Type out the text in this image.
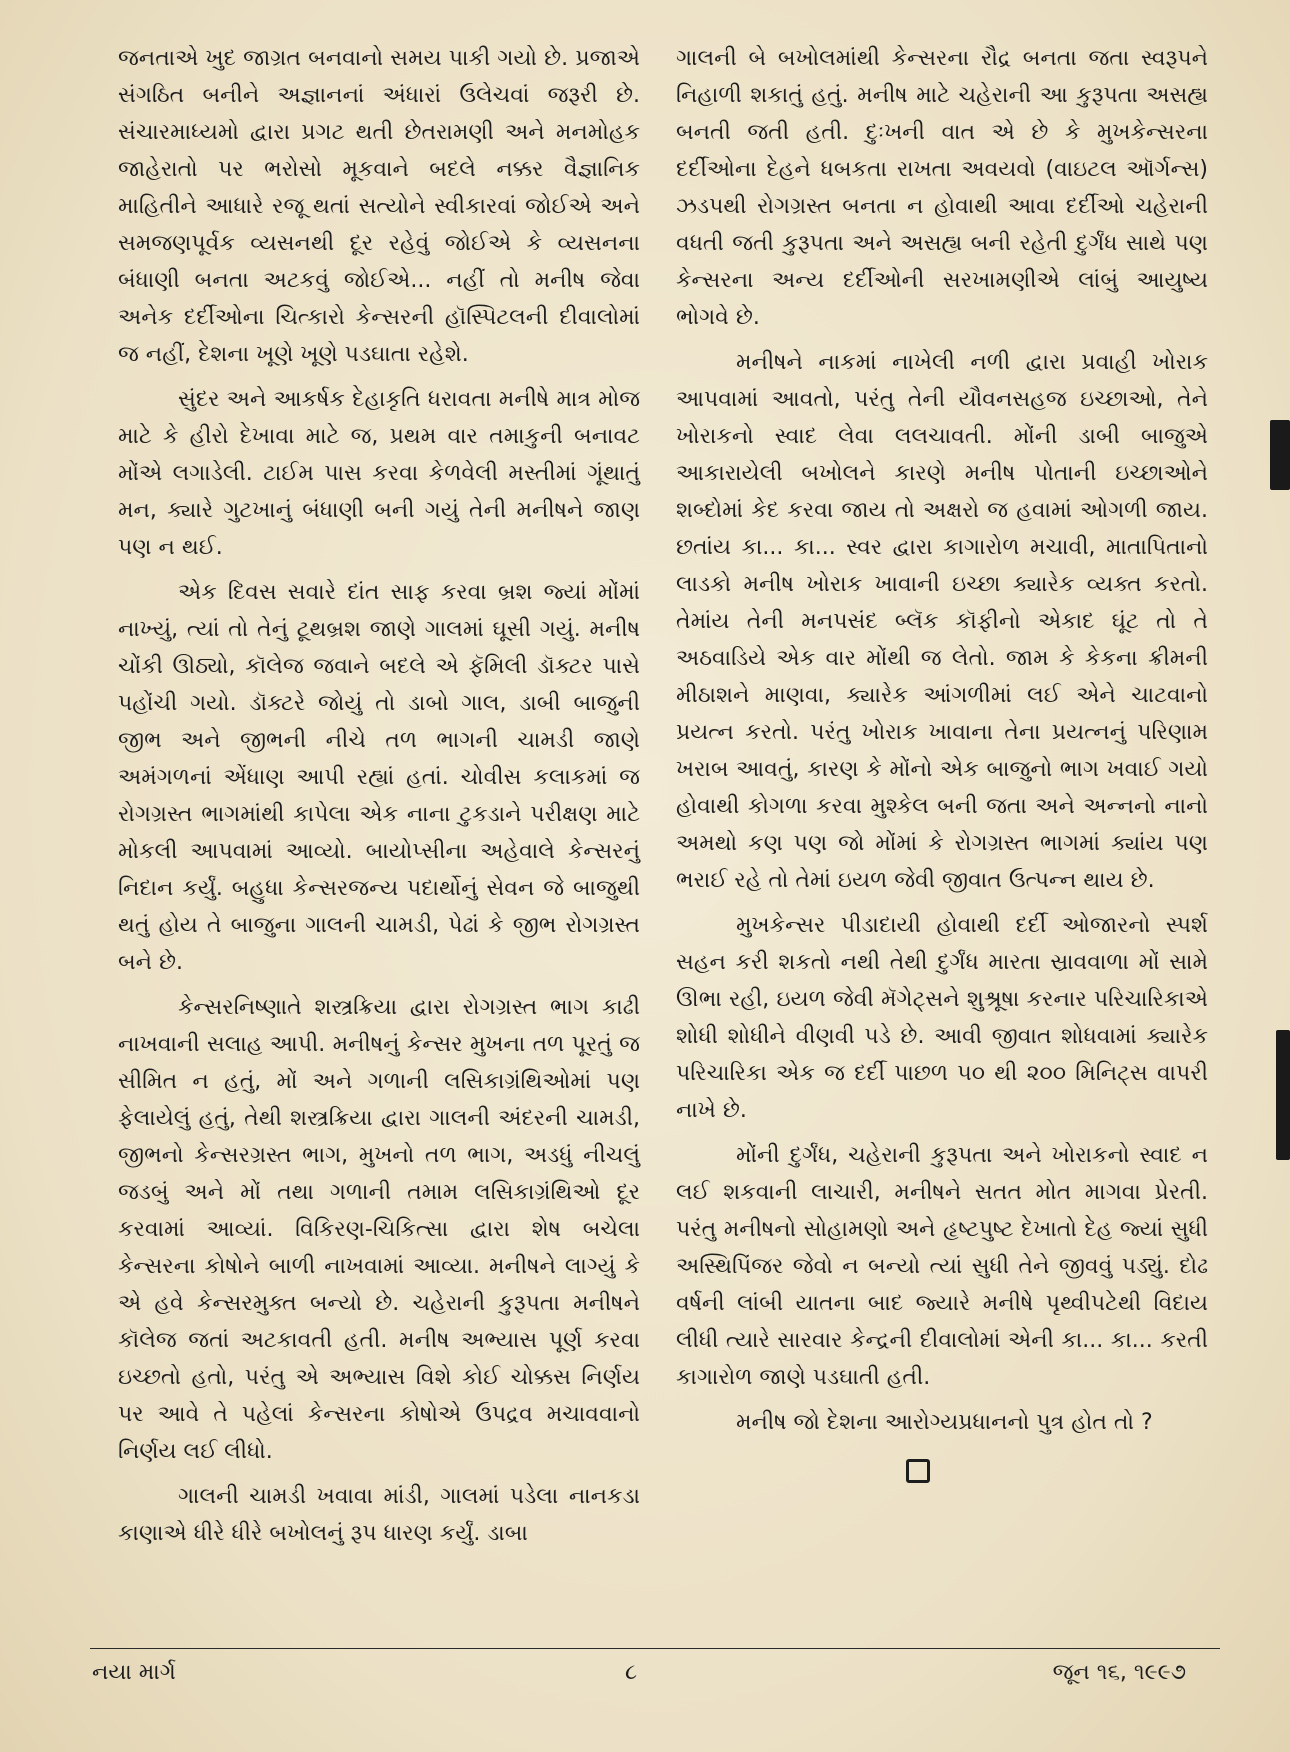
જનતાએ ખુદ જાગ્રત બનવાનો સમય પાકી ગયો છે. પ્રજાએ સંગઠિત બનીને અજ્ઞાનનાં અંધારાં ઉલેચવાં જરૂરી છે. સંચારમાધ્યમો દ્વારા પ્રગટ થતી છેતરામણી અને મનમોહક જાહેરાતો પર ભરોસો મૂકવાને બદલે નક્કર વૈજ્ઞાનિક માહિતીને આધારે રજૂ થતાં સત્યોને સ્વીકારવાં જોઈએ અને સમજણપૂર્વક વ્યસનથી દૂર રહેવું જોઈએ કે વ્યસનના બંધાણી બનતા અટકવું જોઈએ... નહીં તો મનીષ જેવા અનેક દર્દીઓના ચિત્કારો કેન્સરની હૉસ્પિટલની દીવાલોમાં જ નહીં, દેશના ખૂણે ખૂણે પડઘાતા રહેશે.

સુંદર અને આકર્ષક દેહાકૃતિ ધરાવતા મનીષે માત્ર મોજ માટે કે હીરો દેખાવા માટે જ, પ્રથમ વાર તમાકુની બનાવટ મોંએ લગાડેલી. ટાઈમ પાસ કરવા કેળવેલી મસ્તીમાં ગૂંથાતું મન, ક્યારે ગુટખાનું બંધાણી બની ગયું તેની મનીષને જાણ પણ ન થઈ.

એક દિવસ સવારે દાંત સાફ કરવા બ્રશ જ્યાં મોંમાં નાખ્યું, ત્યાં તો તેનું ટૂથબ્રશ જાણે ગાલમાં ઘૂસી ગયું. મનીષ ચોંકી ઊઠ્યો, કૉલેજ જવાને બદલે એ ફૅમિલી ડૉક્ટર પાસે પહોંચી ગયો. ડૉક્ટરે જોયું તો ડાબો ગાલ, ડાબી બાજુની જીભ અને જીભની નીચે તળ ભાગની ચામડી જાણે અમંગળનાં એંધાણ આપી રહ્યાં હતાં. ચોવીસ કલાકમાં જ રોગગ્રસ્ત ભાગમાંથી કાપેલા એક નાના ટુકડાને પરીક્ષણ માટે મોકલી આપવામાં આવ્યો. બાયોપ્સીના અહેવાલે કેન્સરનું નિદાન કર્યું. બહુધા કેન્સરજન્ય પદાર્થોનું સેવન જે બાજુથી થતું હોય તે બાજુના ગાલની ચામડી, પેઢાં કે જીભ રોગગ્રસ્ત બને છે.

કેન્સરનિષ્ણાતે શસ્ત્રક્રિયા દ્વારા રોગગ્રસ્ત ભાગ કાઢી નાખવાની સલાહ આપી. મનીષનું કેન્સર મુખના તળ પૂરતું જ સીમિત ન હતું, મોં અને ગળાની લસિકાગ્રંથિઓમાં પણ ફેલાયેલું હતું, તેથી શસ્ત્રક્રિયા દ્વારા ગાલની અંદરની ચામડી, જીભનો કેન્સરગ્રસ્ત ભાગ, મુખનો તળ ભાગ, અડધું નીચલું જડબું અને મોં તથા ગળાની તમામ લસિકાગ્રંથિઓ દૂર કરવામાં આવ્યાં. વિકિરણ-ચિકિત્સા દ્વારા શેષ બચેલા કેન્સરના કોષોને બાળી નાખવામાં આવ્યા. મનીષને લાગ્યું કે એ હવે કેન્સરમુક્ત બન્યો છે. ચહેરાની કુરૂપતા મનીષને કૉલેજ જતાં અટકાવતી હતી. મનીષ અભ્યાસ પૂર્ણ કરવા ઇચ્છતો હતો, પરંતુ એ અભ્યાસ વિશે કોઈ ચોક્કસ નિર્ણય પર આવે તે પહેલાં કેન્સરના કોષોએ ઉપદ્રવ મચાવવાનો નિર્ણય લઈ લીધો.

ગાલની ચામડી ખવાવા માંડી, ગાલમાં પડેલા નાનકડા કાણાએ ધીરે ધીરે બખોલનું રૂપ ધારણ કર્યું. ડાબા

ગાલની બે બખોલમાંથી કેન્સરના રૌદ્ર બનતા જતા સ્વરૂપને નિહાળી શકાતું હતું. મનીષ માટે ચહેરાની આ કુરૂપતા અસહ્ય બનતી જતી હતી. દુઃખની વાત એ છે કે મુખકેન્સરના દર્દીઓના દેહને ધબકતા રાખતા અવયવો (વાઇટલ ઑર્ગન્સ) ઝડપથી રોગગ્રસ્ત બનતા ન હોવાથી આવા દર્દીઓ ચહેરાની વધતી જતી કુરૂપતા અને અસહ્ય બની રહેતી દુર્ગંધ સાથે પણ કેન્સરના અન્ય દર્દીઓની સરખામણીએ લાંબું આયુષ્ય ભોગવે છે.

મનીષને નાકમાં નાખેલી નળી દ્વારા પ્રવાહી ખોરાક આપવામાં આવતો, પરંતુ તેની યૌવનસહજ ઇચ્છાઓ, તેને ખોરાકનો સ્વાદ લેવા લલચાવતી. મોંની ડાબી બાજુએ આકારાયેલી બખોલને કારણે મનીષ પોતાની ઇચ્છાઓને શબ્દોમાં કેદ કરવા જાય તો અક્ષરો જ હવામાં ઓગળી જાય. છતાંય કા... કા... સ્વર દ્વારા કાગારોળ મચાવી, માતાપિતાનો લાડકો મનીષ ખોરાક ખાવાની ઇચ્છા ક્યારેક વ્યક્ત કરતો. તેમાંય તેની મનપસંદ બ્લૅક કૉફીનો એકાદ ઘૂંટ તો તે અઠવાડિયે એક વાર મોંથી જ લેતો. જામ કે કેકના ક્રીમની મીઠાશને માણવા, ક્યારેક આંગળીમાં લઈ એને ચાટવાનો પ્રયત્ન કરતો. પરંતુ ખોરાક ખાવાના તેના પ્રયત્નનું પરિણામ ખરાબ આવતું, કારણ કે મોંનો એક બાજુનો ભાગ ખવાઈ ગયો હોવાથી કોગળા કરવા મુશ્કેલ બની જતા અને અન્નનો નાનો અમથો કણ પણ જો મોંમાં કે રોગગ્રસ્ત ભાગમાં ક્યાંય પણ ભરાઈ રહે તો તેમાં ઇયળ જેવી જીવાત ઉત્પન્ન થાય છે.

મુખકેન્સર પીડાદાયી હોવાથી દર્દી ઓજારનો સ્પર્શ સહન કરી શકતો નથી તેથી દુર્ગંધ મારતા સ્રાવવાળા મોં સામે ઊભા રહી, ઇયળ જેવી મૅગેટ્સને શુશ્રૂષા કરનાર પરિચારિકાએ શોધી શોધીને વીણવી પડે છે. આવી જીવાત શોધવામાં ક્યારેક પરિચારિકા એક જ દર્દી પાછળ ૫૦ થી ૨૦૦ મિનિટ્સ વાપરી નાખે છે.

મોંની દુર્ગંધ, ચહેરાની કુરૂપતા અને ખોરાકનો સ્વાદ ન લઈ શકવાની લાચારી, મનીષને સતત મોત માગવા પ્રેરતી. પરંતુ મનીષનો સોહામણો અને હૃષ્ટપુષ્ટ દેખાતો દેહ જ્યાં સુધી અસ્થિપિંજર જેવો ન બન્યો ત્યાં સુધી તેને જીવવું પડ્યું. દોઢ વર્ષની લાંબી યાતના બાદ જ્યારે મનીષે પૃથ્વીપટેથી વિદાય લીધી ત્યારે સારવાર કેન્દ્રની દીવાલોમાં એની કા... કા... કરતી કાગારોળ જાણે પડઘાતી હતી.

મનીષ જો દેશના આરોગ્યપ્રધાનનો પુત્ર હોત તો ?

નયા માર્ગ	૮	જૂન ૧૬, ૧૯૯૭
